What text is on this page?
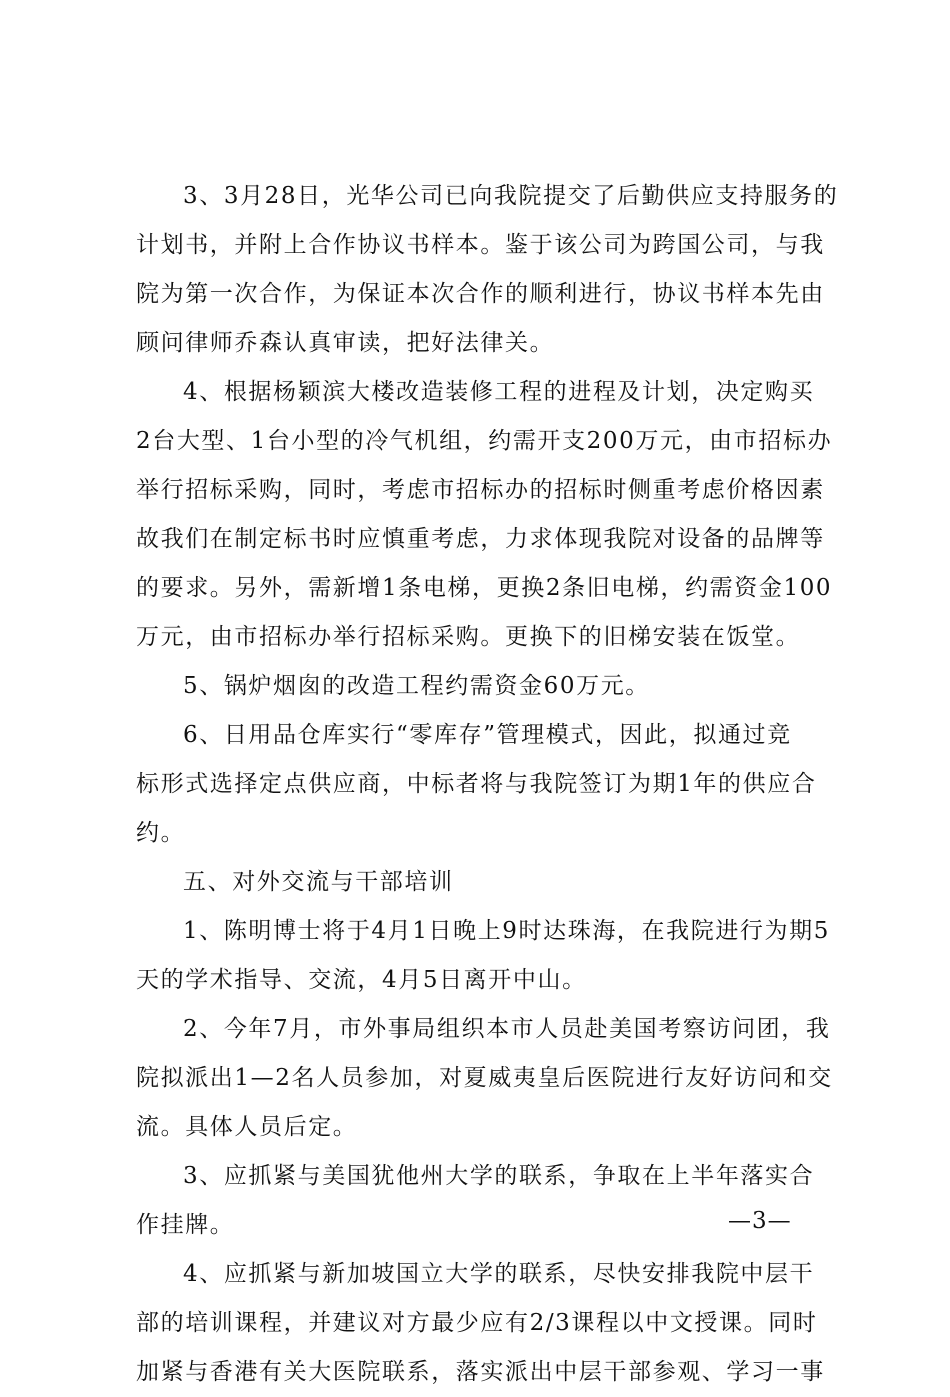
3、3月28日，光华公司已向我院提交了后勤供应支持服务的
计划书，并附上合作协议书样本。鉴于该公司为跨国公司，与我
院为第一次合作，为保证本次合作的顺利进行，协议书样本先由
顾问律师乔森认真审读，把好法律关。
4、根据杨颖滨大楼改造装修工程的进程及计划，决定购买
2台大型、1台小型的冷气机组，约需开支200万元，由市招标办
举行招标采购，同时，考虑市招标办的招标时侧重考虑价格因素
故我们在制定标书时应慎重考虑，力求体现我院对设备的品牌等
的要求。另外，需新增1条电梯，更换2条旧电梯，约需资金100
万元，由市招标办举行招标采购。更换下的旧梯安装在饭堂。
5、锅炉烟囱的改造工程约需资金60万元。
6、日用品仓库实行“零库存”管理模式，因此，拟通过竞
标形式选择定点供应商，中标者将与我院签订为期1年的供应合
约。
五、对外交流与干部培训
1、陈明博士将于4月1日晚上9时达珠海，在我院进行为期5
天的学术指导、交流，4月5日离开中山。
2、今年7月，市外事局组织本市人员赴美国考察访问团，我
院拟派出1—2名人员参加，对夏威夷皇后医院进行友好访问和交
流。具体人员后定。
3、应抓紧与美国犹他州大学的联系，争取在上半年落实合
作挂牌。
4、应抓紧与新加坡国立大学的联系，尽快安排我院中层干
部的培训课程，并建议对方最少应有2/3课程以中文授课。同时
加紧与香港有关大医院联系，落实派出中层干部参观、学习一事
—3—
